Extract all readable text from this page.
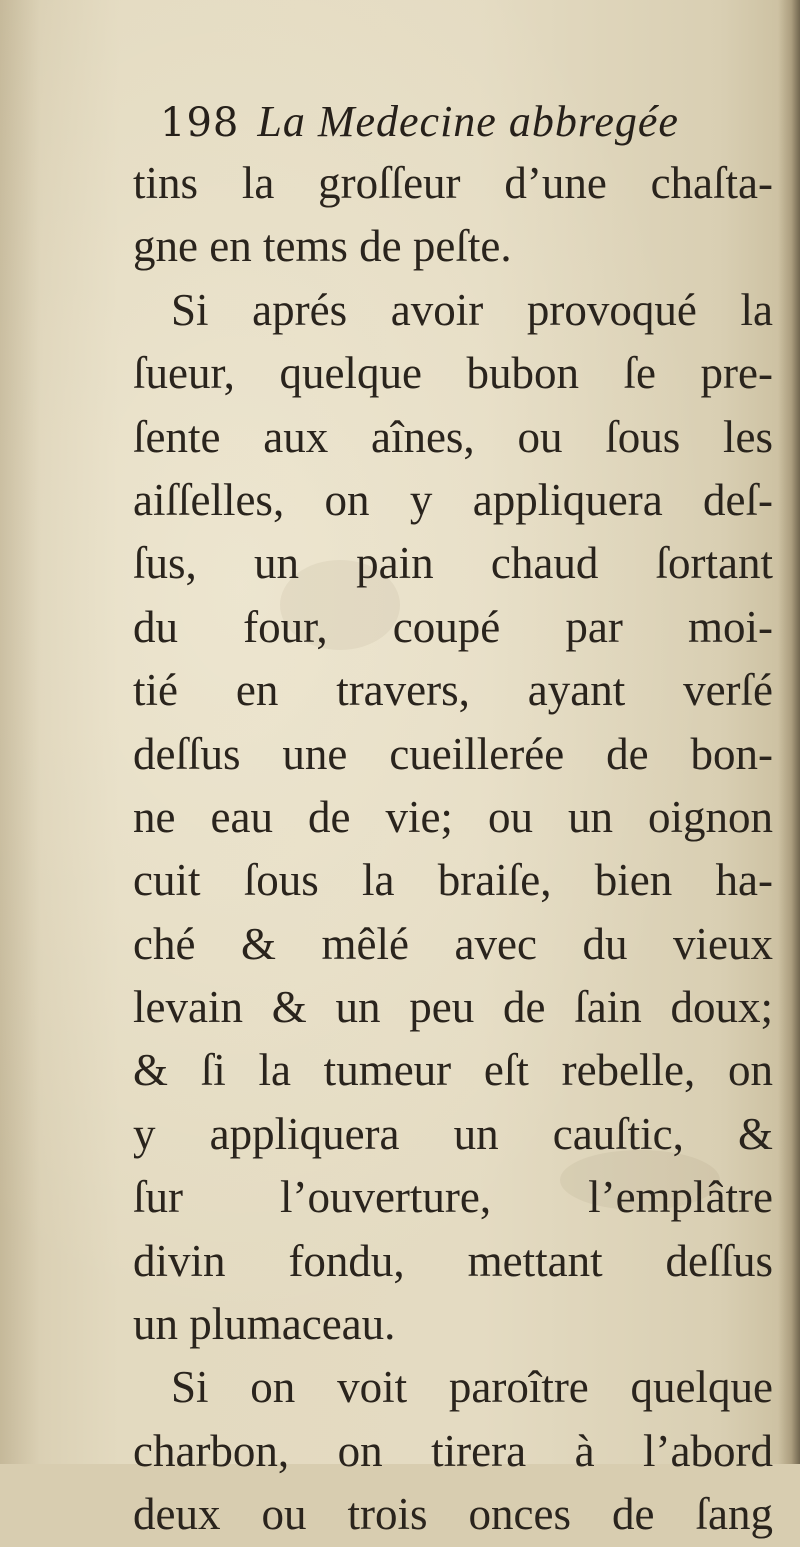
198 La Medecine abbregée
tins la groſſeur d’une chaſta-
gne en tems de peſte.
Si aprés avoir provoqué la
ſueur, quelque bubon ſe pre-
ſente aux aînes, ou ſous les
aiſſelles, on y appliquera deſ-
ſus, un pain chaud ſortant
du four, coupé par moi-
tié en travers, ayant verſé
deſſus une cueillerée de bon-
ne eau de vie; ou un oignon
cuit ſous la braiſe, bien ha-
ché & mêlé avec du vieux
levain & un peu de ſain doux;
& ſi la tumeur eſt rebelle, on
y appliquera un cauſtic, &
ſur l’ouverture, l’emplâtre
divin fondu, mettant deſſus
un plumaceau.
Si on voit paroître quelque
charbon, on tirera à l’abord
deux ou trois onces de ſang
